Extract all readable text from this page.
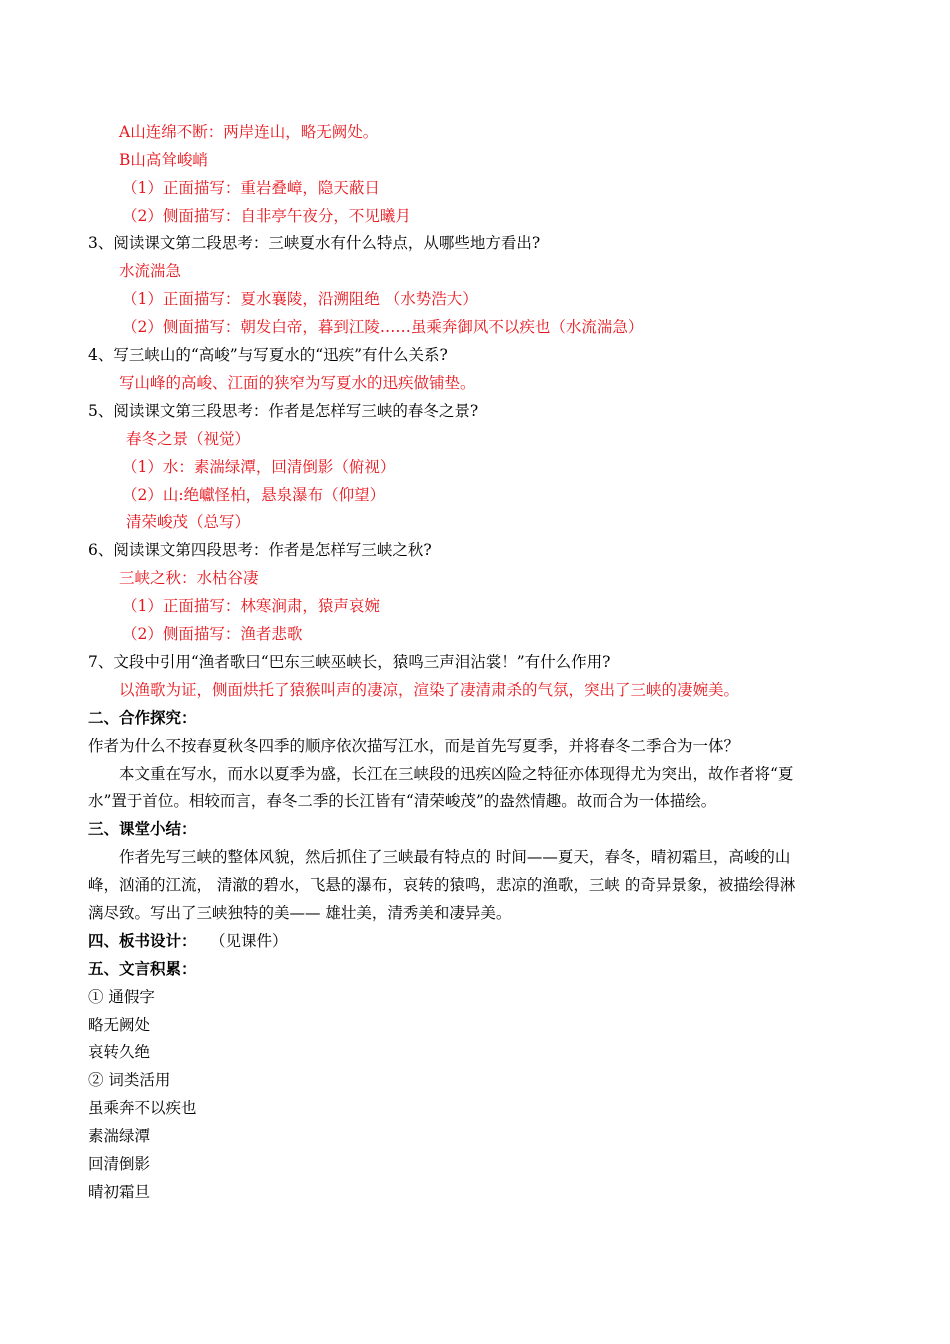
A山连绵不断：两岸连山，略无阙处。
B山高耸峻峭
（1）正面描写：重岩叠嶂，隐天蔽日
（2）侧面描写：自非亭午夜分，不见曦月
3、阅读课文第二段思考：三峡夏水有什么特点，从哪些地方看出?
水流湍急
（1）正面描写：夏水襄陵，沿溯阻绝 （水势浩大）
（2）侧面描写：朝发白帝，暮到江陵……虽乘奔御风不以疾也（水流湍急）
4、写三峡山的“高峻”与写夏水的“迅疾”有什么关系?
写山峰的高峻、江面的狭窄为写夏水的迅疾做铺垫。
5、阅读课文第三段思考：作者是怎样写三峡的春冬之景?
春冬之景（视觉）
（1）水：素湍绿潭，回清倒影（俯视）
（2）山:绝巘怪柏，悬泉瀑布（仰望）
清荣峻茂（总写）
6、阅读课文第四段思考：作者是怎样写三峡之秋?
三峡之秋：水枯谷凄
（1）正面描写：林寒涧肃，猿声哀婉
（2）侧面描写：渔者悲歌
7、文段中引用“渔者歌曰“巴东三峡巫峡长，猿鸣三声泪沾裳！”有什么作用?
以渔歌为证，侧面烘托了猿猴叫声的凄凉，渲染了凄清肃杀的气氛，突出了三峡的凄婉美。
二、合作探究：
作者为什么不按春夏秋冬四季的顺序依次描写江水，而是首先写夏季，并将春冬二季合为一体？
本文重在写水，而水以夏季为盛，长江在三峡段的迅疾凶险之特征亦体现得尤为突出，故作者将“夏
水”置于首位。相较而言，春冬二季的长江皆有“清荣峻茂”的盎然情趣。故而合为一体描绘。
三、课堂小结：
作者先写三峡的整体风貌，然后抓住了三峡最有特点的 时间——夏天，春冬，晴初霜旦，高峻的山
峰，汹涌的江流， 清澈的碧水，飞悬的瀑布，哀转的猿鸣，悲凉的渔歌，三峡 的奇异景象，被描绘得淋
漓尽致。写出了三峡独特的美—— 雄壮美，清秀美和凄异美。
四、板书设计： （见课件）
五、文言积累：
① 通假字
略无阙处
哀转久绝
② 词类活用
虽乘奔不以疾也
素湍绿潭
回清倒影
晴初霜旦
